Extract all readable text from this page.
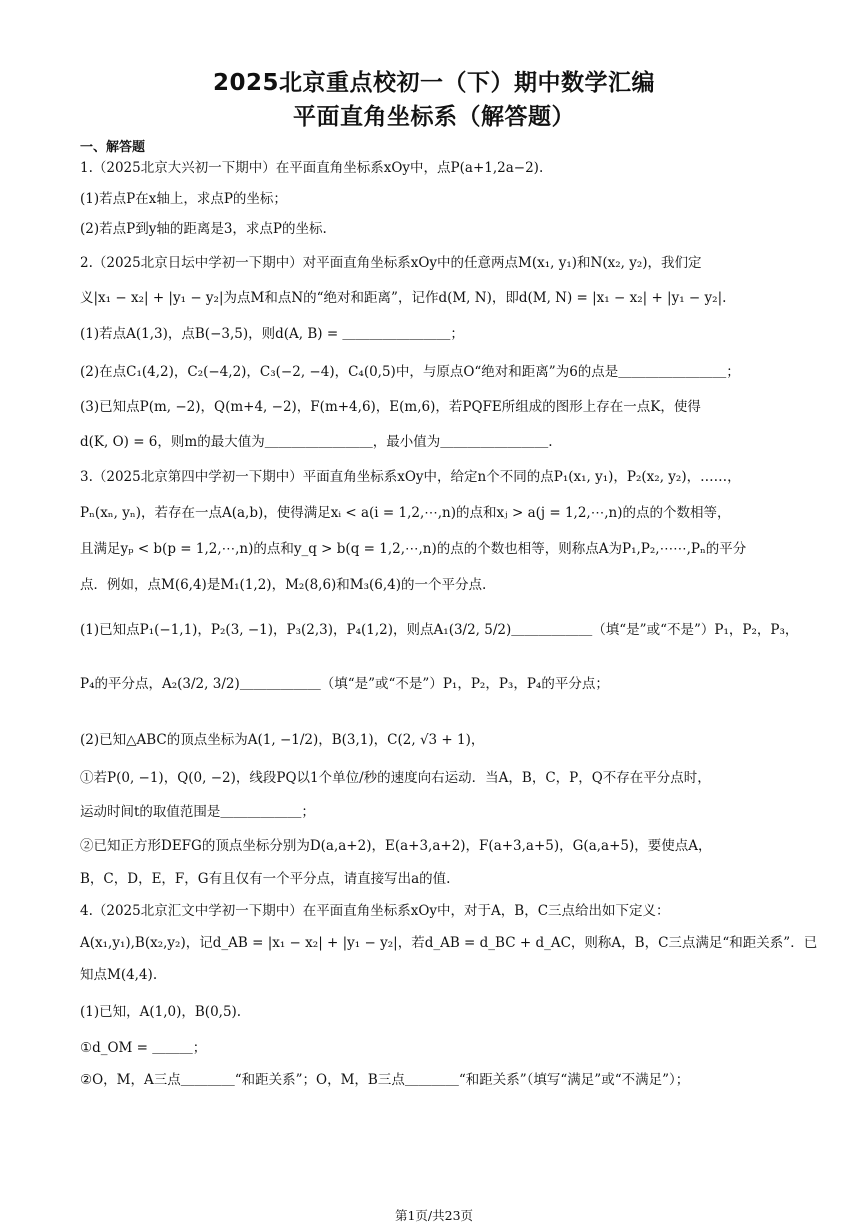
2025北京重点校初一（下）期中数学汇编
平面直角坐标系（解答题）
一、解答题
1.（2025北京大兴初一下期中）在平面直角坐标系xOy中，点P(a+1,2a−2).
(1)若点P在x轴上，求点P的坐标；
(2)若点P到y轴的距离是3，求点P的坐标.
2.（2025北京日坛中学初一下期中）对平面直角坐标系xOy中的任意两点M(x₁, y₁)和N(x₂, y₂)，我们定
义|x₁ − x₂| + |y₁ − y₂|为点M和点N的“绝对和距离”，记作d(M, N)，即d(M, N) = |x₁ − x₂| + |y₁ − y₂|.
(1)若点A(1,3)，点B(−3,5)，则d(A, B) = ＿＿＿＿＿＿＿＿；
(2)在点C₁(4,2)，C₂(−4,2)，C₃(−2, −4)，C₄(0,5)中，与原点O“绝对和距离”为6的点是＿＿＿＿＿＿＿＿；
(3)已知点P(m, −2)，Q(m+4, −2)，F(m+4,6)，E(m,6)，若PQFE所组成的图形上存在一点K，使得
d(K, O) = 6，则m的最大值为＿＿＿＿＿＿＿＿，最小值为＿＿＿＿＿＿＿＿.
3.（2025北京第四中学初一下期中）平面直角坐标系xOy中，给定n个不同的点P₁(x₁, y₁)，P₂(x₂, y₂)，……，
Pₙ(xₙ, yₙ)，若存在一点A(a,b)，使得满足xᵢ < a(i = 1,2,⋯,n)的点和xⱼ > a(j = 1,2,⋯,n)的点的个数相等，
且满足yₚ < b(p = 1,2,⋯,n)的点和y_q > b(q = 1,2,⋯,n)的点的个数也相等，则称点A为P₁,P₂,⋯⋯,Pₙ的平分
点．例如，点M(6,4)是M₁(1,2)，M₂(8,6)和M₃(6,4)的一个平分点.
(1)已知点P₁(−1,1)，P₂(3, −1)，P₃(2,3)，P₄(1,2)，则点A₁(3/2, 5/2)＿＿＿＿＿＿（填“是”或“不是”）P₁，P₂，P₃，
P₄的平分点，A₂(3/2, 3/2)＿＿＿＿＿＿（填“是”或“不是”）P₁，P₂，P₃，P₄的平分点；
(2)已知△ABC的顶点坐标为A(1, −1/2)，B(3,1)，C(2, √3 + 1)，
①若P(0, −1)，Q(0, −2)，线段PQ以1个单位/秒的速度向右运动．当A，B，C，P，Q不存在平分点时，
运动时间t的取值范围是＿＿＿＿＿＿；
②已知正方形DEFG的顶点坐标分别为D(a,a+2)，E(a+3,a+2)，F(a+3,a+5)，G(a,a+5)，要使点A，
B，C，D，E，F，G有且仅有一个平分点，请直接写出a的值.
4.（2025北京汇文中学初一下期中）在平面直角坐标系xOy中，对于A，B，C三点给出如下定义：
A(x₁,y₁),B(x₂,y₂)，记d_AB = |x₁ − x₂| + |y₁ − y₂|，若d_AB = d_BC + d_AC，则称A，B，C三点满足“和距关系”．已
知点M(4,4).
(1)已知，A(1,0)，B(0,5).
①d_OM = ＿＿＿；
②O，M，A三点＿＿＿＿“和距关系”；O，M，B三点＿＿＿＿“和距关系”（填写“满足”或“不满足”）；
第1页/共23页
